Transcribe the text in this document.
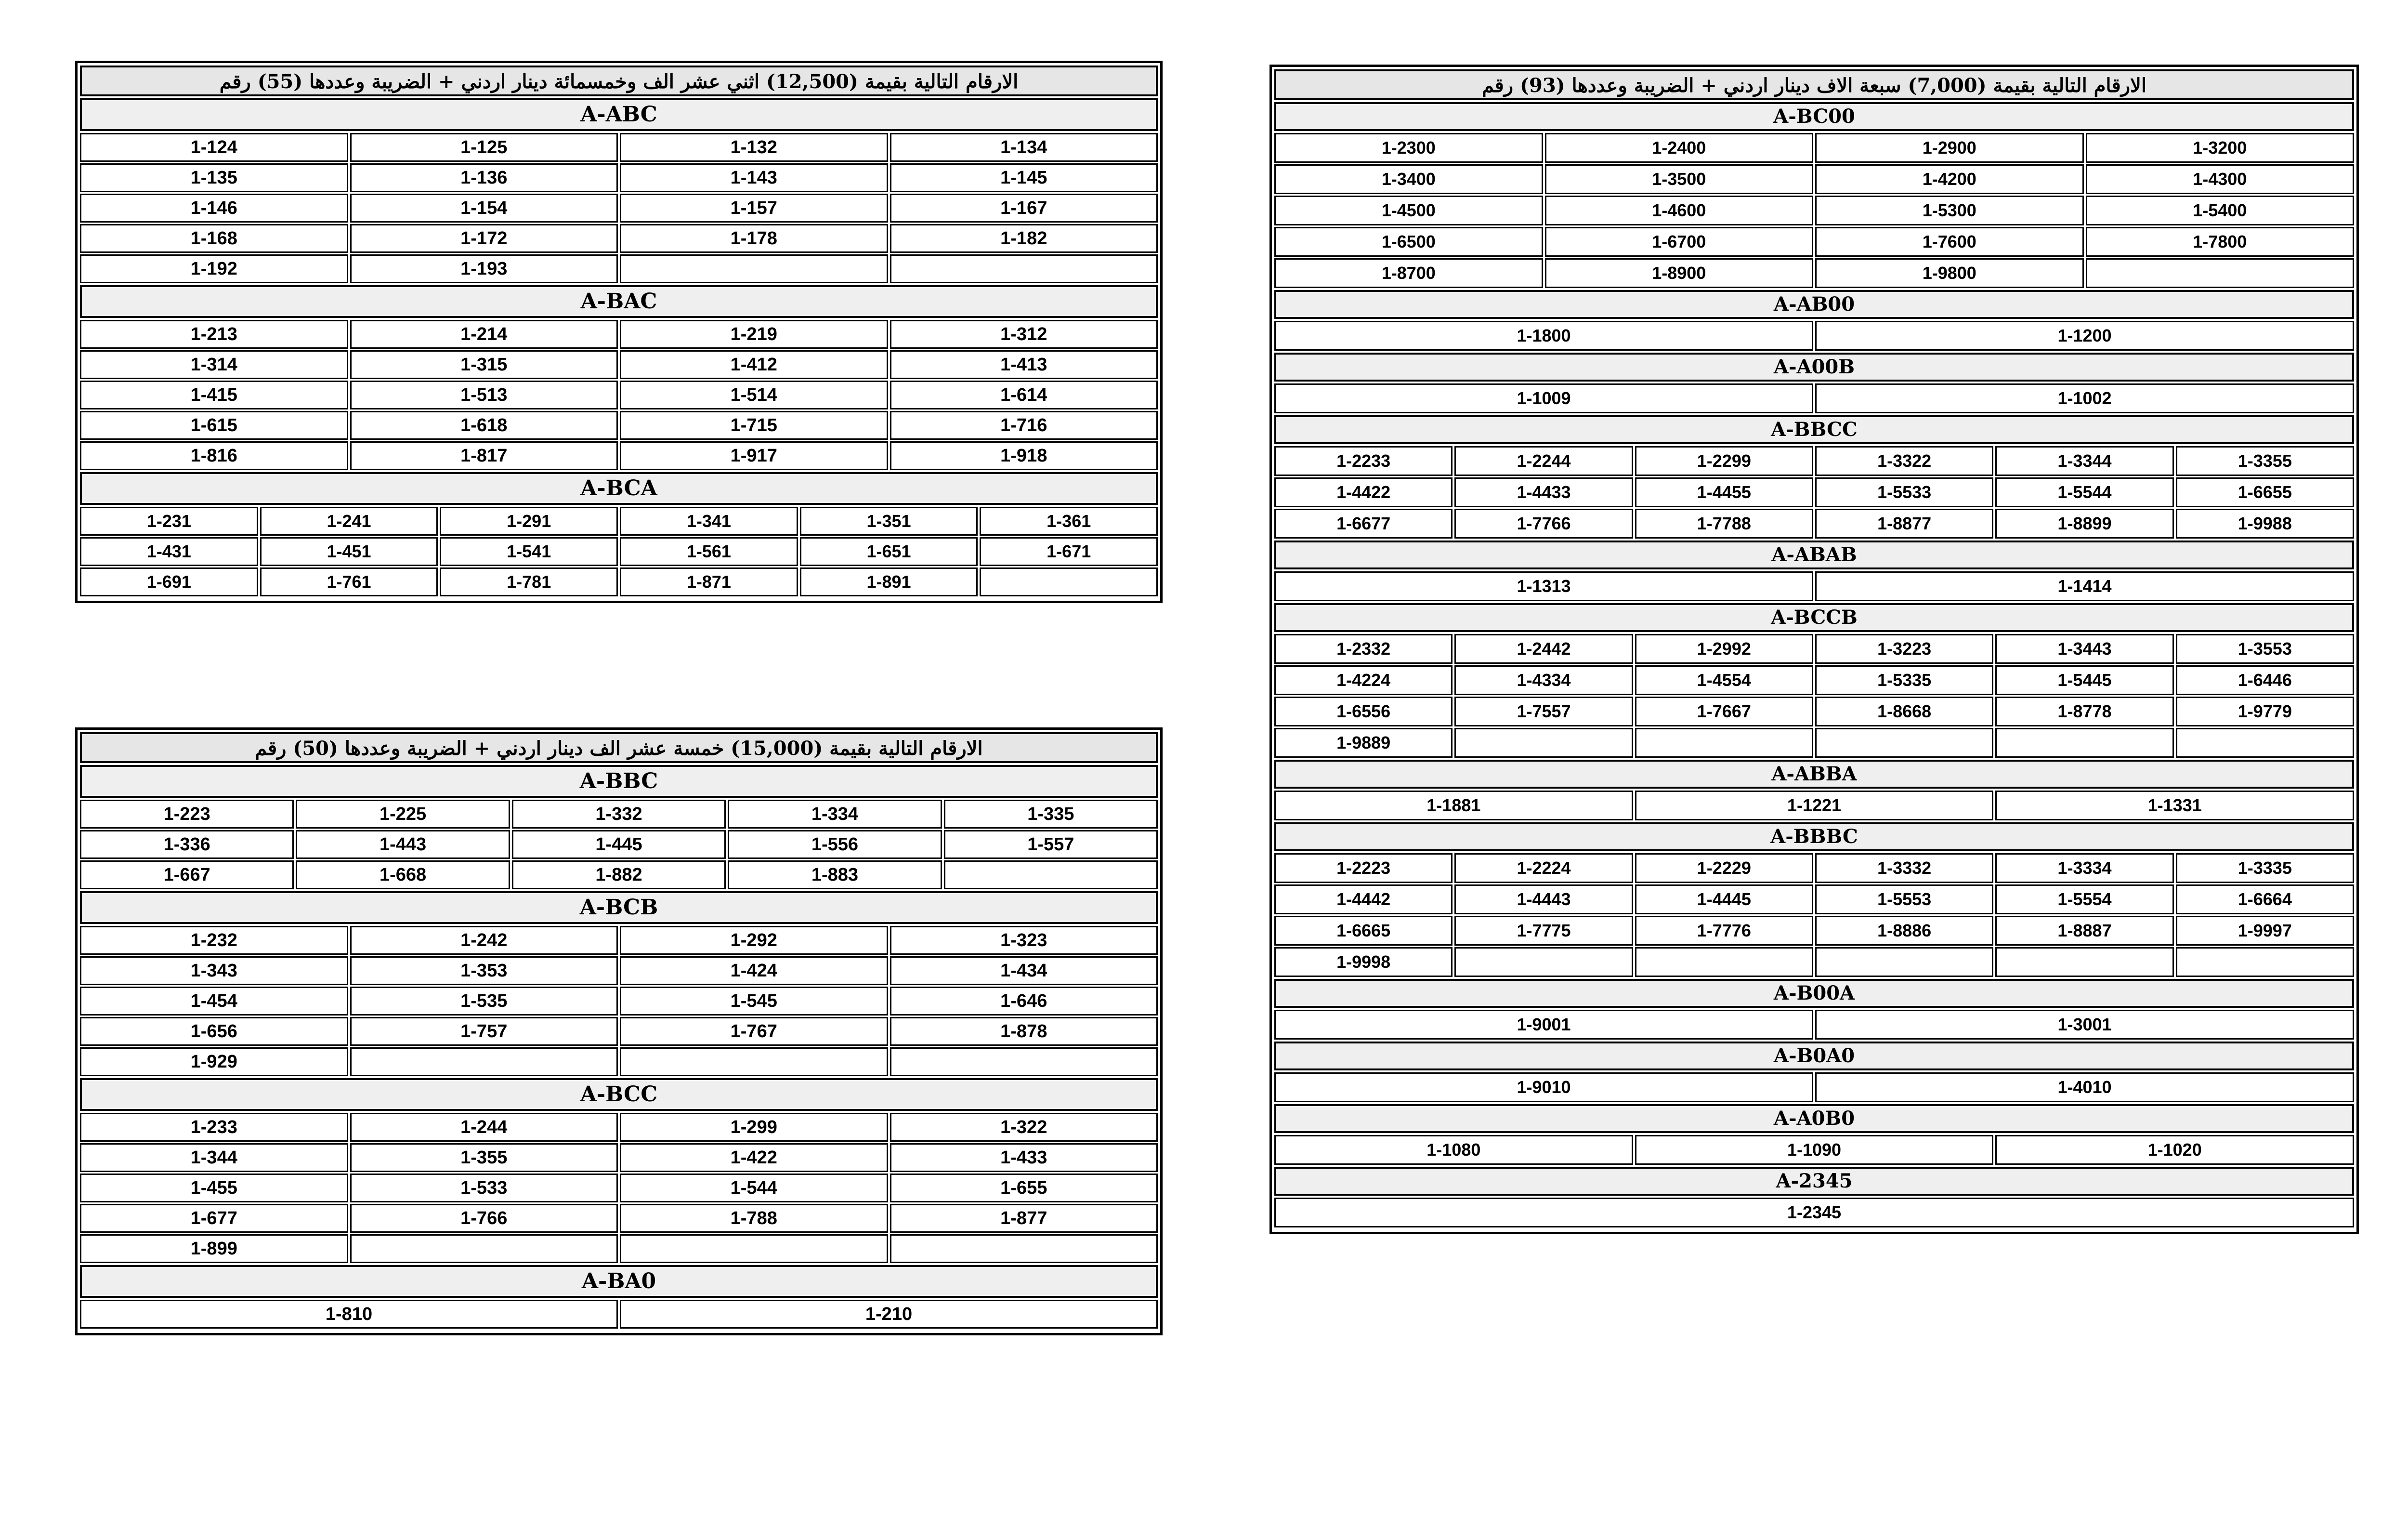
الارقام التالية بقيمة (12,500) اثني عشر الف وخمسمائة دينار اردني + الضريبة وعددها (55) رقم
A-ABC
1-124	1-125	1-132	1-134
1-135	1-136	1-143	1-145
1-146	1-154	1-157	1-167
1-168	1-172	1-178	1-182
1-192	1-193
A-BAC
1-213	1-214	1-219	1-312
1-314	1-315	1-412	1-413
1-415	1-513	1-514	1-614
1-615	1-618	1-715	1-716
1-816	1-817	1-917	1-918
A-BCA
1-231	1-241	1-291	1-341	1-351	1-361
1-431	1-451	1-541	1-561	1-651	1-671
1-691	1-761	1-781	1-871	1-891
الارقام التالية بقيمة (15,000) خمسة عشر الف دينار اردني + الضريبة وعددها (50) رقم
A-BBC
1-223	1-225	1-332	1-334	1-335
1-336	1-443	1-445	1-556	1-557
1-667	1-668	1-882	1-883
A-BCB
1-232	1-242	1-292	1-323
1-343	1-353	1-424	1-434
1-454	1-535	1-545	1-646
1-656	1-757	1-767	1-878
1-929
A-BCC
1-233	1-244	1-299	1-322
1-344	1-355	1-422	1-433
1-455	1-533	1-544	1-655
1-677	1-766	1-788	1-877
1-899
A-BA0
1-810	1-210
الارقام التالية بقيمة (7,000) سبعة الاف دينار اردني + الضريبة وعددها (93) رقم
A-BC00
1-2300	1-2400	1-2900	1-3200
1-3400	1-3500	1-4200	1-4300
1-4500	1-4600	1-5300	1-5400
1-6500	1-6700	1-7600	1-7800
1-8700	1-8900	1-9800
A-AB00
1-1800	1-1200
A-A00B
1-1009	1-1002
A-BBCC
1-2233	1-2244	1-2299	1-3322	1-3344	1-3355
1-4422	1-4433	1-4455	1-5533	1-5544	1-6655
1-6677	1-7766	1-7788	1-8877	1-8899	1-9988
A-ABAB
1-1313	1-1414
A-BCCB
1-2332	1-2442	1-2992	1-3223	1-3443	1-3553
1-4224	1-4334	1-4554	1-5335	1-5445	1-6446
1-6556	1-7557	1-7667	1-8668	1-8778	1-9779
1-9889
A-ABBA
1-1881	1-1221	1-1331
A-BBBC
1-2223	1-2224	1-2229	1-3332	1-3334	1-3335
1-4442	1-4443	1-4445	1-5553	1-5554	1-6664
1-6665	1-7775	1-7776	1-8886	1-8887	1-9997
1-9998
A-B00A
1-9001	1-3001
A-B0A0
1-9010	1-4010
A-A0B0
1-1080	1-1090	1-1020
A-2345
1-2345
